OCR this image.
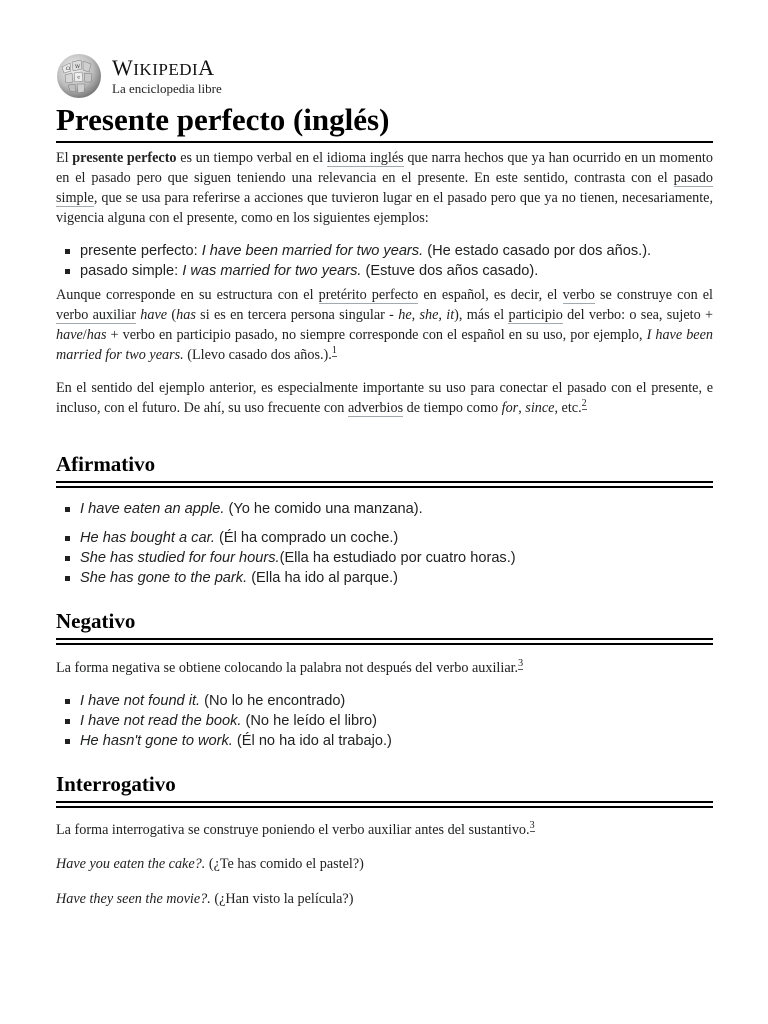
Ω W
ব WIKIPEDIA
La enciclopedia libre
Presente perfecto (inglés)

El presente perfecto es un tiempo verbal en el idioma inglés que narra hechos que ya han ocurrido en un momento en el pasado pero que siguen teniendo una relevancia en el presente. En este sentido, contrasta con el pasado simple, que se usa para referirse a acciones que tuvieron lugar en el pasado pero que ya no tienen, necesariamente, vigencia alguna con el presente, como en los siguientes ejemplos:

presente perfecto: I have been married for two years. (He estado casado por dos años.).
pasado simple: I was married for two years. (Estuve dos años casado).

Aunque corresponde en su estructura con el pretérito perfecto en español, es decir, el verbo se construye con el verbo auxiliar have (has si es en tercera persona singular - he, she, it), más el participio del verbo: o sea, sujeto + have/has + verbo en participio pasado, no siempre corresponde con el español en su uso, por ejemplo, I have been married for two years. (Llevo casado dos años.).$^1$

En el sentido del ejemplo anterior, es especialmente importante su uso para conectar el pasado con el presente, e incluso, con el futuro. De ahí, su uso frecuente con adverbios de tiempo como for, since, etc.$^2$

Afirmativo
I have eaten an apple. (Yo he comido una manzana).
He has bought a car. (Él ha comprado un coche.)
She has studied for four hours.(Ella ha estudiado por cuatro horas.)
She has gone to the park. (Ella ha ido al parque.)
Negativo

La forma negativa se obtiene colocando la palabra not después del verbo auxiliar.$^3$

I have not found it. (No lo he encontrado)
I have not read the book. (No he leído el libro)
He hasn't gone to work. (Él no ha ido al trabajo.)
Interrogativo

La forma interrogativa se construye poniendo el verbo auxiliar antes del sustantivo.$^3$

Have you eaten the cake?. (¿Te has comido el pastel?)

Have they seen the movie?. (¿Han visto la película?)
